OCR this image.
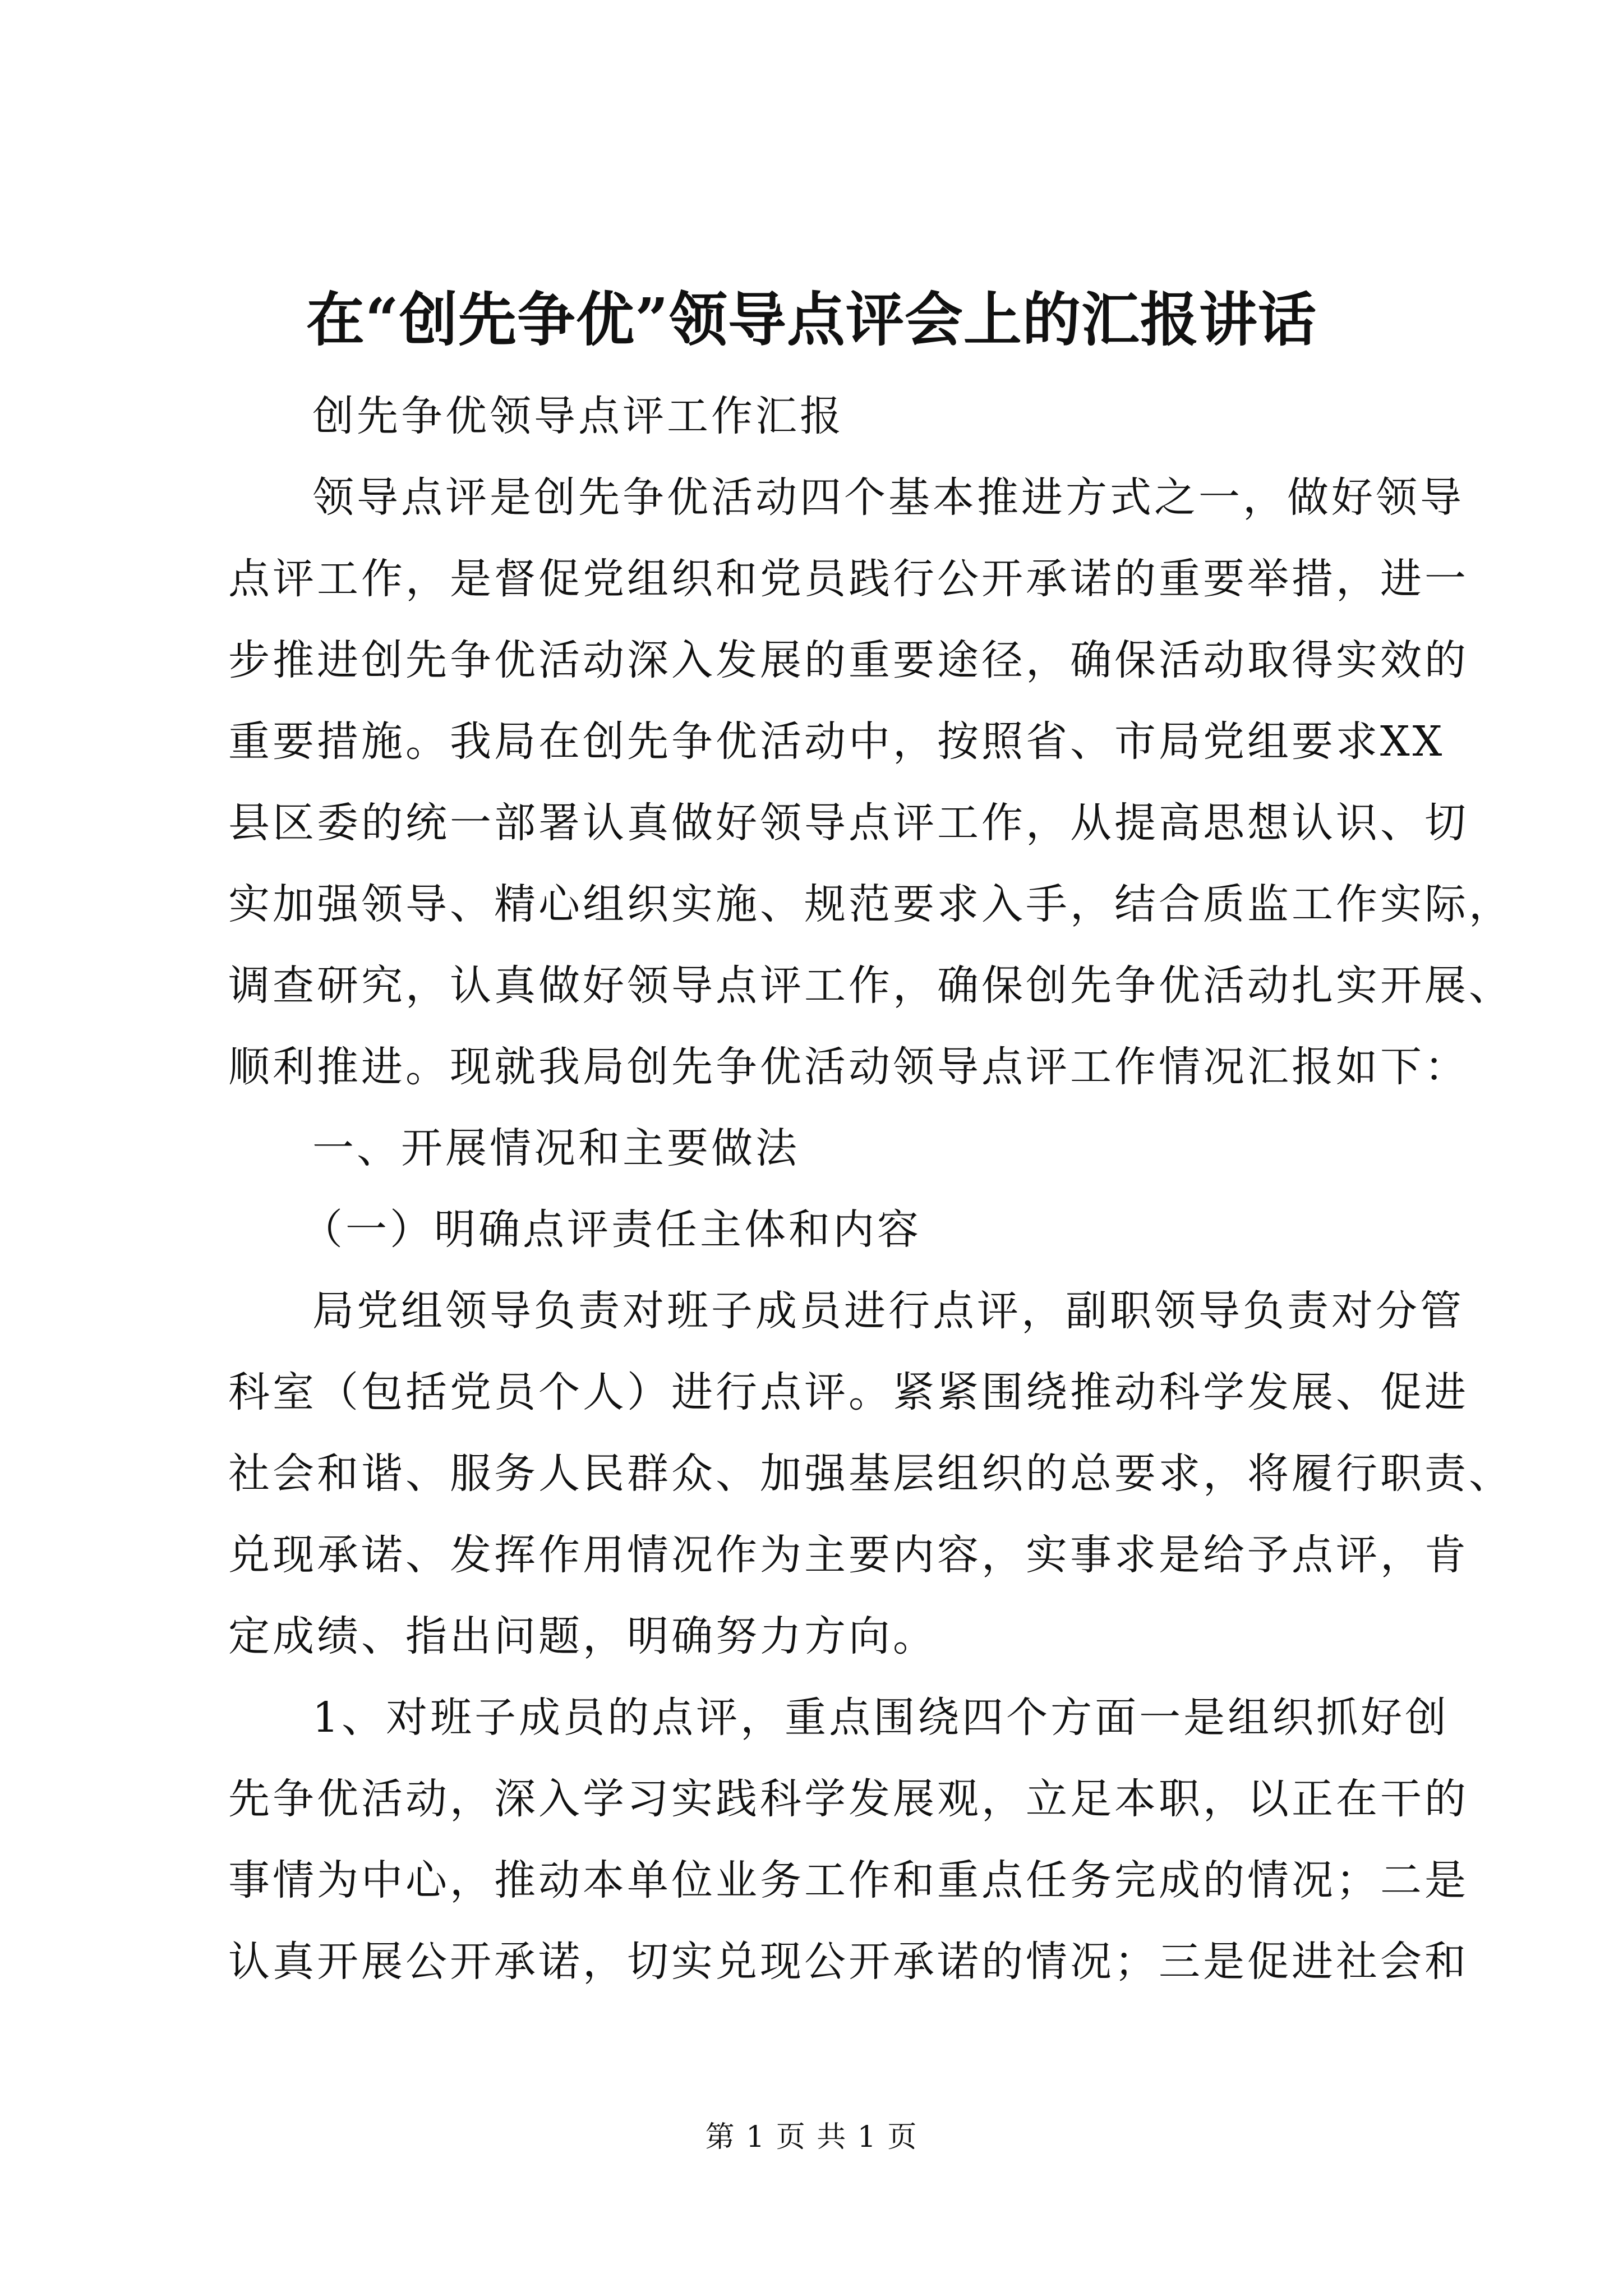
在“创先争优”领导点评会上的汇报讲话
创先争优领导点评工作汇报
领导点评是创先争优活动四个基本推进方式之一，做好领导
点评工作，是督促党组织和党员践行公开承诺的重要举措，进一
步推进创先争优活动深入发展的重要途径，确保活动取得实效的
重要措施。我局在创先争优活动中，按照省、市局党组要求XX
县区委的统一部署认真做好领导点评工作，从提高思想认识、切
实加强领导、精心组织实施、规范要求入手，结合质监工作实际，
调查研究，认真做好领导点评工作，确保创先争优活动扎实开展、
顺利推进。现就我局创先争优活动领导点评工作情况汇报如下：
一、开展情况和主要做法
（一）明确点评责任主体和内容
局党组领导负责对班子成员进行点评，副职领导负责对分管
科室（包括党员个人）进行点评。紧紧围绕推动科学发展、促进
社会和谐、服务人民群众、加强基层组织的总要求，将履行职责、
兑现承诺、发挥作用情况作为主要内容，实事求是给予点评，肯
定成绩、指出问题，明确努力方向。
1、对班子成员的点评，重点围绕四个方面一是组织抓好创
先争优活动，深入学习实践科学发展观，立足本职，以正在干的
事情为中心，推动本单位业务工作和重点任务完成的情况；二是
认真开展公开承诺，切实兑现公开承诺的情况；三是促进社会和
第 1 页 共 1 页
